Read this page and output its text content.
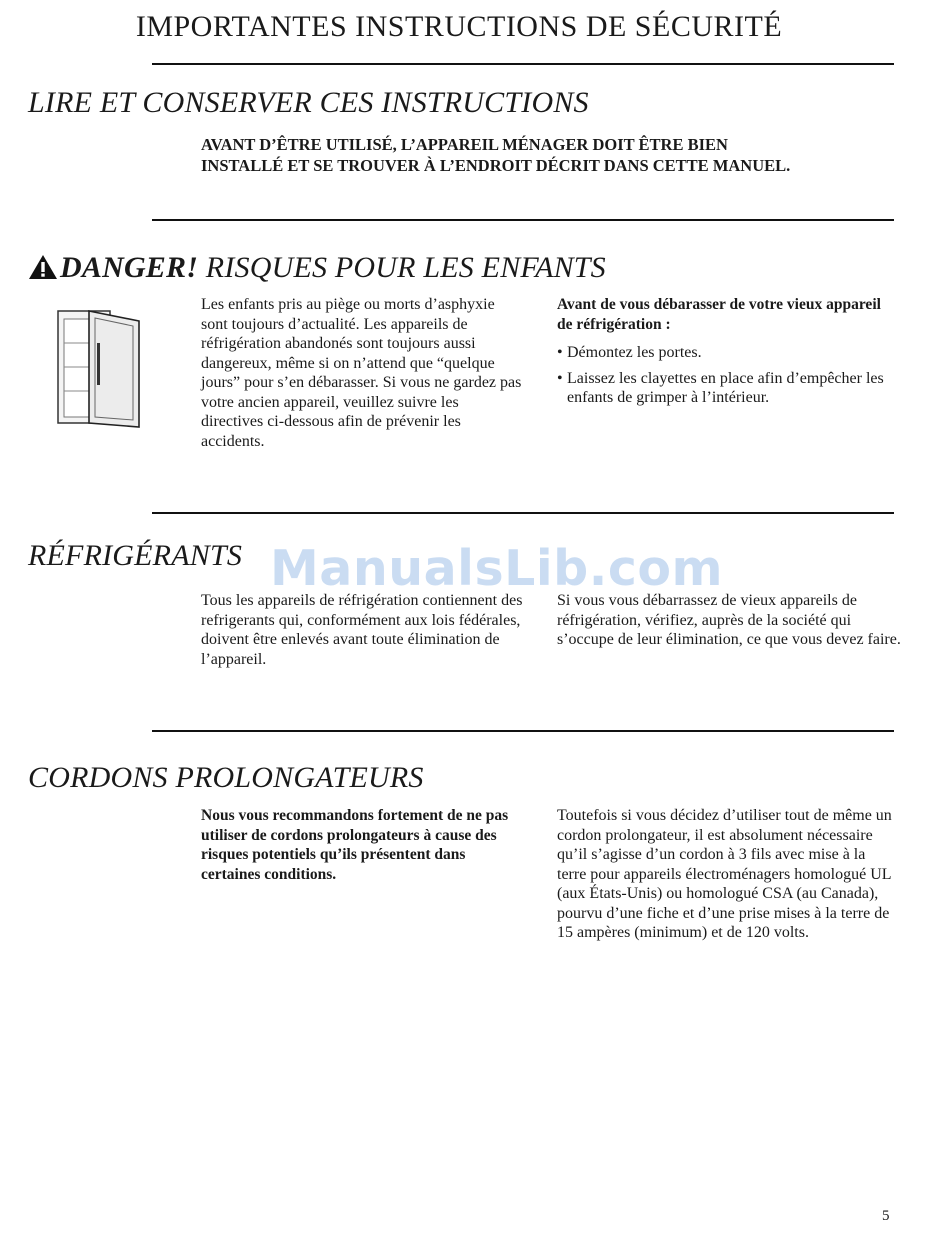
IMPORTANTES INSTRUCTIONS DE SÉCURITÉ
LIRE ET CONSERVER CES INSTRUCTIONS
AVANT D’ÊTRE UTILISÉ, L’APPAREIL MÉNAGER DOIT ÊTRE BIEN
INSTALLÉ ET SE TROUVER À L’ENDROIT DÉCRIT DANS CETTE MANUEL.
DANGER! RISQUES POUR LES ENFANTS
Les enfants pris au piège ou morts d’asphyxie sont toujours d’actualité. Les appareils de réfrigération abandonés sont toujours aussi dangereux, même si on n’attend que “quelque jours” pour s’en débarasser. Si vous ne gardez pas votre ancien appareil, veuillez suivre les directives ci-dessous afin de prévenir les accidents.
Avant de vous débarasser de votre vieux appareil de réfrigération :
• Démontez les portes.
• Laissez les clayettes en place afin d’empêcher les enfants de grimper à l’intérieur.
RÉFRIGÉRANTS ManualsLib.com
Tous les appareils de réfrigération contiennent des refrigerants qui, conformément aux lois fédérales, doivent être enlevés avant toute élimination de l’appareil.
Si vous vous débarrassez de vieux appareils de réfrigération, vérifiez, auprès de la société qui s’occupe de leur élimination, ce que vous devez faire.
CORDONS PROLONGATEURS
Nous vous recommandons fortement de ne pas utiliser de cordons prolongateurs à cause des risques potentiels qu’ils présentent dans certaines conditions.
Toutefois si vous décidez d’utiliser tout de même un cordon prolongateur, il est absolument nécessaire qu’il s’agisse d’un cordon à 3 fils avec mise à la terre pour appareils électroménagers homologué UL (aux États-Unis) ou homologué CSA (au Canada), pourvu d’une fiche et d’une prise mises à la terre de 15 ampères (minimum) et de 120 volts.
5
